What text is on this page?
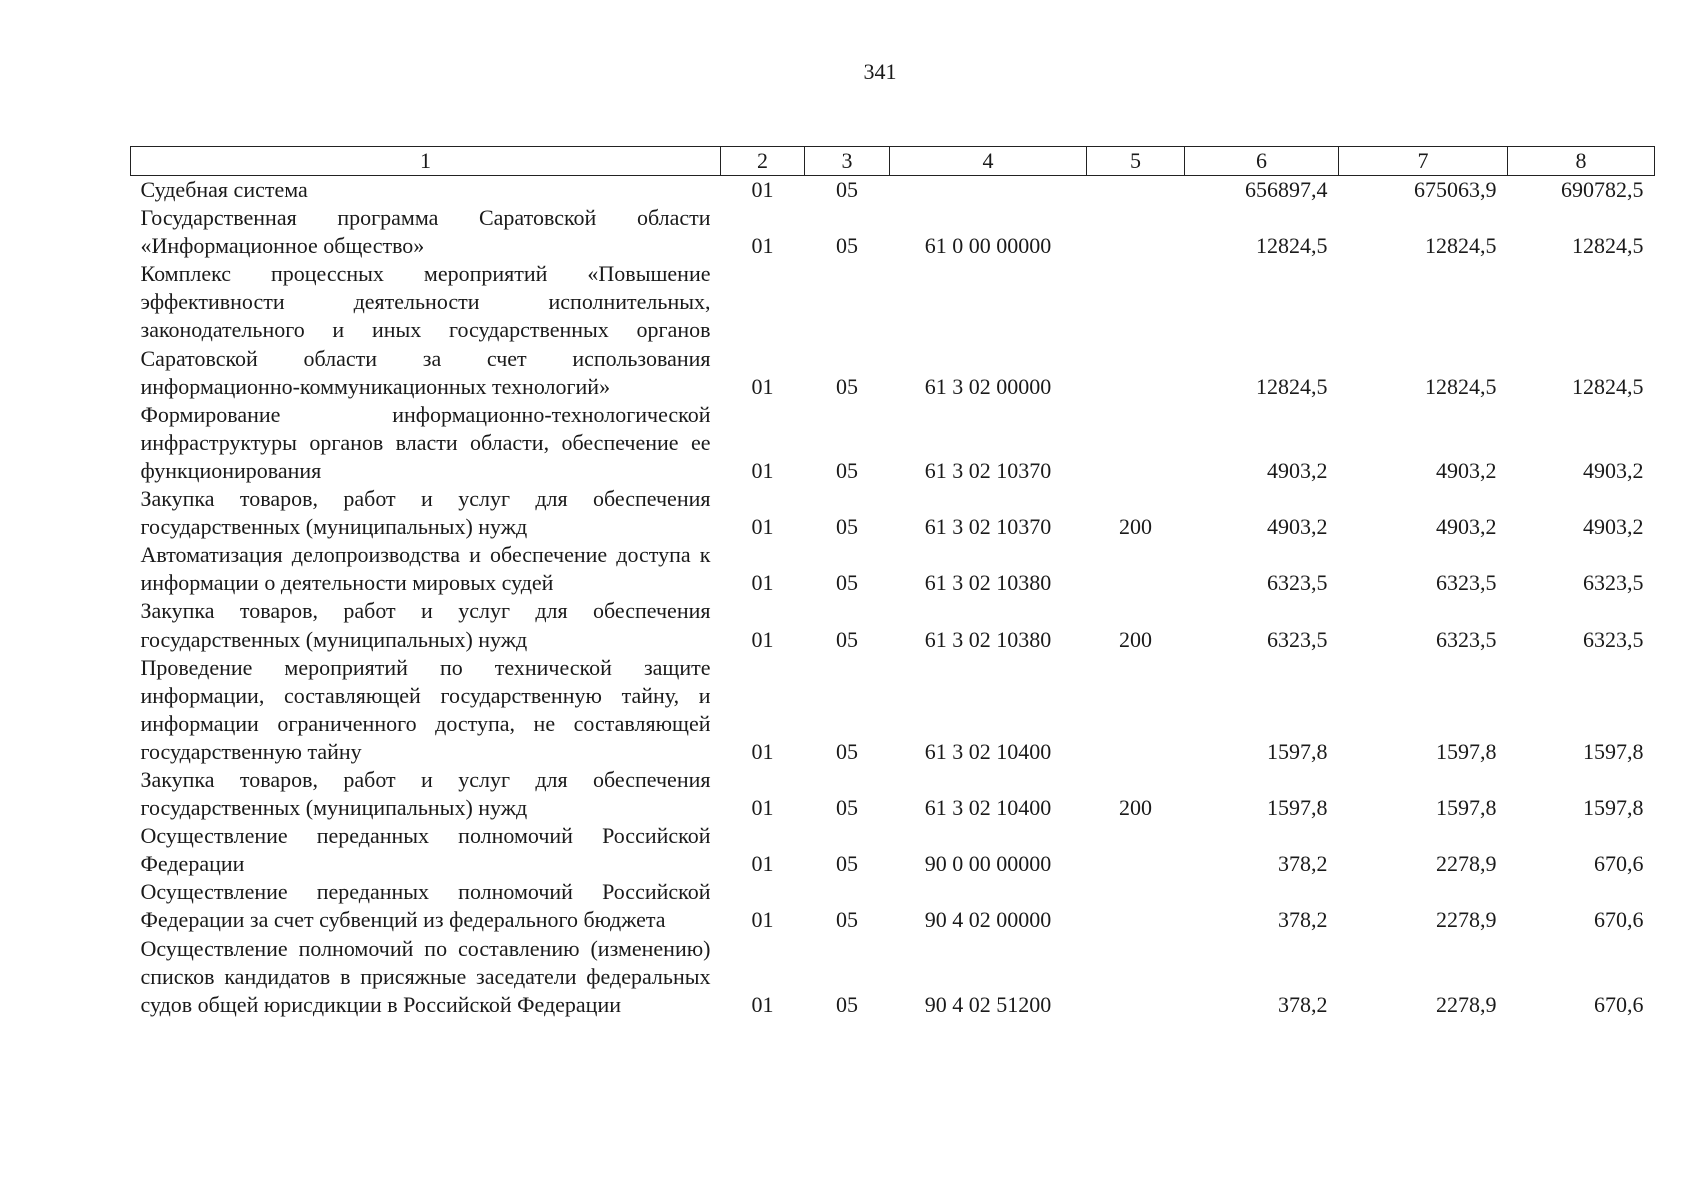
341
1	2	3	4	5	6	7	8
Судебная система	01	05			656897,4	675063,9	690782,5
Государственная программа Саратовской области «Информационное общество»	01	05	61 0 00 00000		12824,5	12824,5	12824,5
Комплекс процессных мероприятий «Повышение эффективности деятельности исполнительных, законодательного и иных государственных органов Саратовской области за счет использования информационно-коммуникационных технологий»	01	05	61 3 02 00000		12824,5	12824,5	12824,5
Формирование информационно-технологической инфраструктуры органов власти области, обеспечение ее функционирования	01	05	61 3 02 10370		4903,2	4903,2	4903,2
Закупка товаров, работ и услуг для обеспечения государственных (муниципальных) нужд	01	05	61 3 02 10370	200	4903,2	4903,2	4903,2
Автоматизация делопроизводства и обеспечение доступа к информации о деятельности мировых судей	01	05	61 3 02 10380		6323,5	6323,5	6323,5
Закупка товаров, работ и услуг для обеспечения государственных (муниципальных) нужд	01	05	61 3 02 10380	200	6323,5	6323,5	6323,5
Проведение мероприятий по технической защите информации, составляющей государственную тайну, и информации ограниченного доступа, не составляющей государственную тайну	01	05	61 3 02 10400		1597,8	1597,8	1597,8
Закупка товаров, работ и услуг для обеспечения государственных (муниципальных) нужд	01	05	61 3 02 10400	200	1597,8	1597,8	1597,8
Осуществление переданных полномочий Российской Федерации	01	05	90 0 00 00000		378,2	2278,9	670,6
Осуществление переданных полномочий Российской Федерации за счет субвенций из федерального бюджета	01	05	90 4 02 00000		378,2	2278,9	670,6
Осуществление полномочий по составлению (изменению) списков кандидатов в присяжные заседатели федеральных судов общей юрисдикции в Российской Федерации	01	05	90 4 02 51200		378,2	2278,9	670,6
